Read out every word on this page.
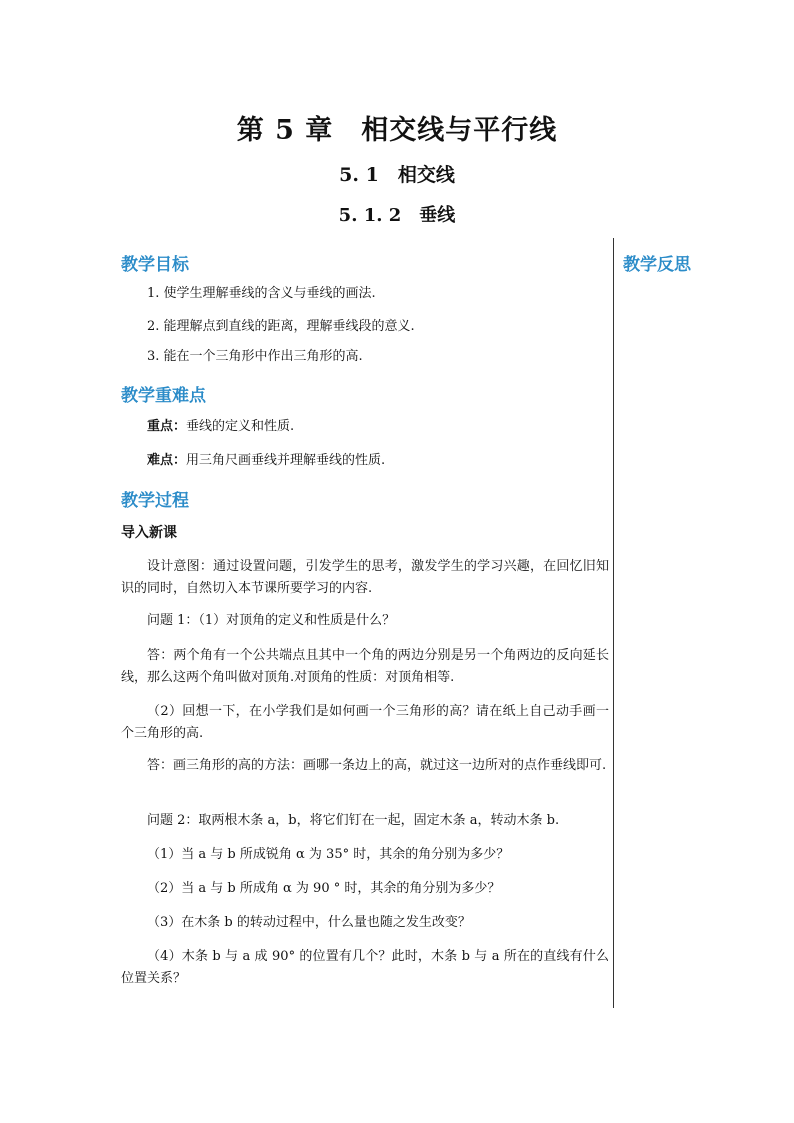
第 5 章　相交线与平行线
5. 1　相交线
5. 1. 2　垂线
教学反思
教学目标

1. 使学生理解垂线的含义与垂线的画法.

2. 能理解点到直线的距离，理解垂线段的意义.

3. 能在一个三角形中作出三角形的高.

教学重难点

重点：垂线的定义和性质.

难点：用三角尺画垂线并理解垂线的性质.

教学过程
导入新课

设计意图：通过设置问题，引发学生的思考，激发学生的学习兴趣，在回忆旧知识的同时，自然切入本节课所要学习的内容.

问题 1：（1）对顶角的定义和性质是什么？

答：两个角有一个公共端点且其中一个角的两边分别是另一个角两边的反向延长线，那么这两个角叫做对顶角.对顶角的性质：对顶角相等.

（2）回想一下，在小学我们是如何画一个三角形的高？请在纸上自己动手画一个三角形的高.

答：画三角形的高的方法：画哪一条边上的高，就过这一边所对的点作垂线即可.

问题 2：取两根木条 a，b，将它们钉在一起，固定木条 a，转动木条 b.

（1）当 a 与 b 所成锐角 α 为 35° 时，其余的角分别为多少？

（2）当 a 与 b 所成角 α 为 90 ° 时，其余的角分别为多少？

（3）在木条 b 的转动过程中，什么量也随之发生改变？

（4）木条 b 与 a 成 90° 的位置有几个？此时，木条 b 与 a 所在的直线有什么位置关系？
